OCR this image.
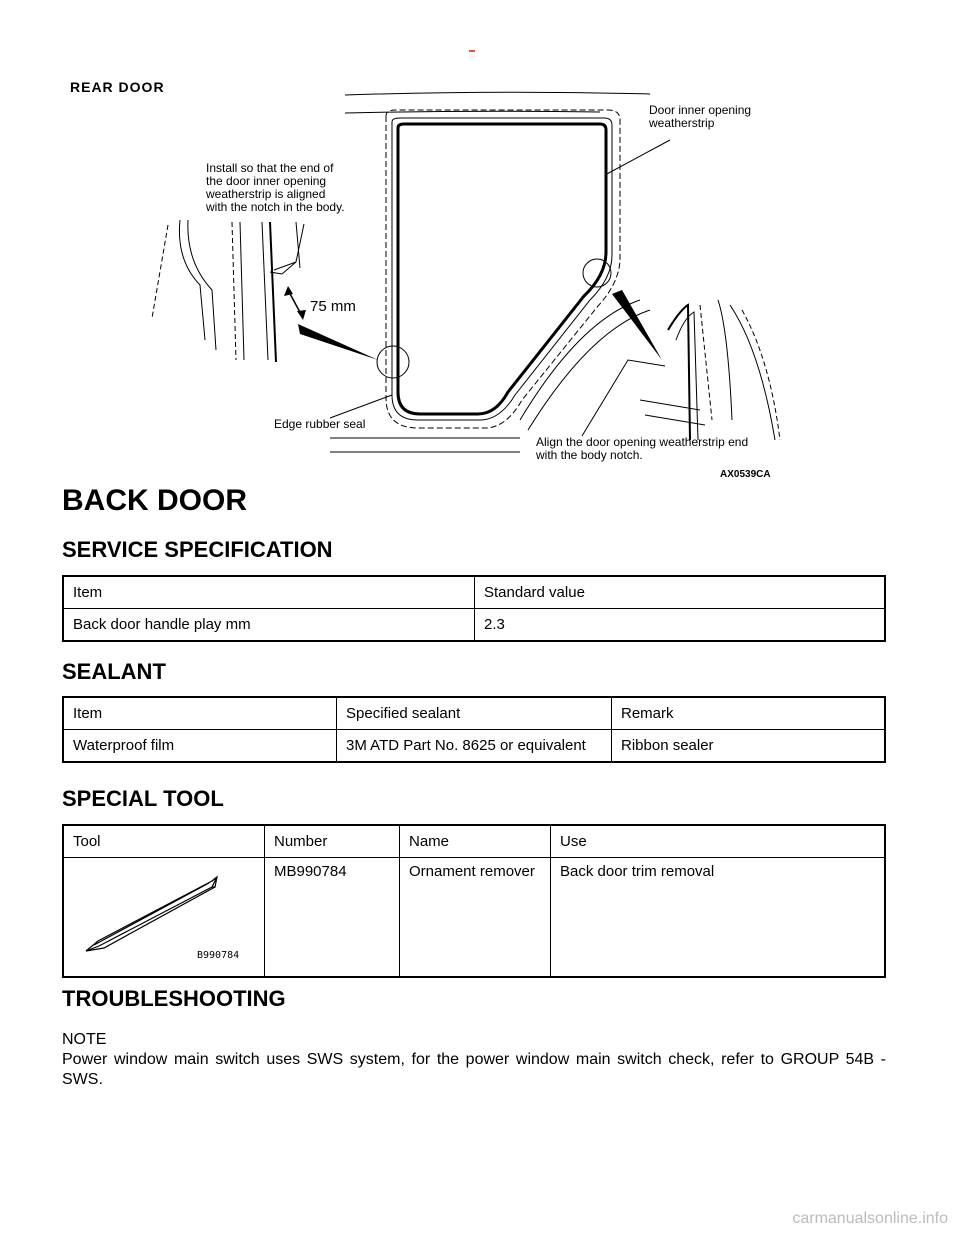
REAR DOOR
Door inner opening
weatherstrip
Install so that the end of
the door inner opening
weatherstrip is aligned
with the notch in the body.
75 mm
Edge rubber seal
Align the door opening weatherstrip end
with the body notch.
AX0539CA
BACK DOOR
SERVICE SPECIFICATION
Item	Standard value
Back door handle play mm	2.3
SEALANT
Item	Specified sealant	Remark
Waterproof film	3M ATD Part No. 8625 or equivalent	Ribbon sealer
SPECIAL TOOL
Tool	Number	Name	Use

B990784	MB990784	Ornament remover	Back door trim removal
TROUBLESHOOTING
NOTE

Power window main switch uses SWS system, for the power window main switch check, refer to GROUP 54B - SWS.

carmanualsonline.info
